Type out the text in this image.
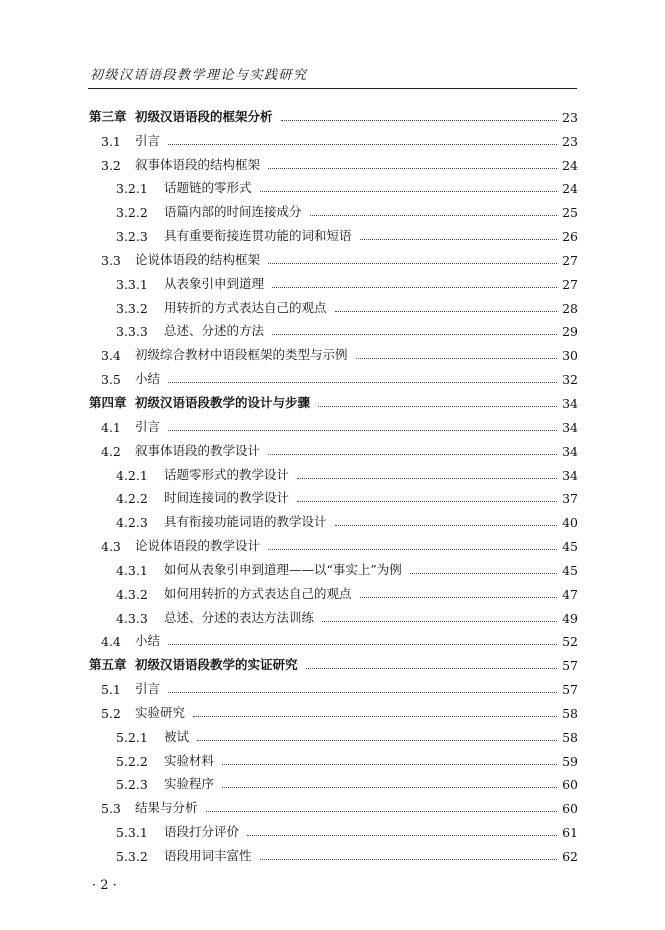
初级汉语语段教学理论与实践研究
第三章 初级汉语语段的框架分析	23
3.1	引言	23
3.2	叙事体语段的结构框架	24
3.2.1	话题链的零形式	24
3.2.2	语篇内部的时间连接成分	25
3.2.3	具有重要衔接连贯功能的词和短语	26
3.3	论说体语段的结构框架	27
3.3.1	从表象引申到道理	27
3.3.2	用转折的方式表达自己的观点	28
3.3.3	总述、分述的方法	29
3.4	初级综合教材中语段框架的类型与示例	30
3.5	小结	32
第四章 初级汉语语段教学的设计与步骤	34
4.1	引言	34
4.2	叙事体语段的教学设计	34
4.2.1	话题零形式的教学设计	34
4.2.2	时间连接词的教学设计	37
4.2.3	具有衔接功能词语的教学设计	40
4.3	论说体语段的教学设计	45
4.3.1	如何从表象引申到道理——以“事实上”为例	45
4.3.2	如何用转折的方式表达自己的观点	47
4.3.3	总述、分述的表达方法训练	49
4.4	小结	52
第五章 初级汉语语段教学的实证研究	57
5.1	引言	57
5.2	实验研究	58
5.2.1	被试	58
5.2.2	实验材料	59
5.2.3	实验程序	60
5.3	结果与分析	60
5.3.1	语段打分评价	61
5.3.2	语段用词丰富性	62
· 2 ·
